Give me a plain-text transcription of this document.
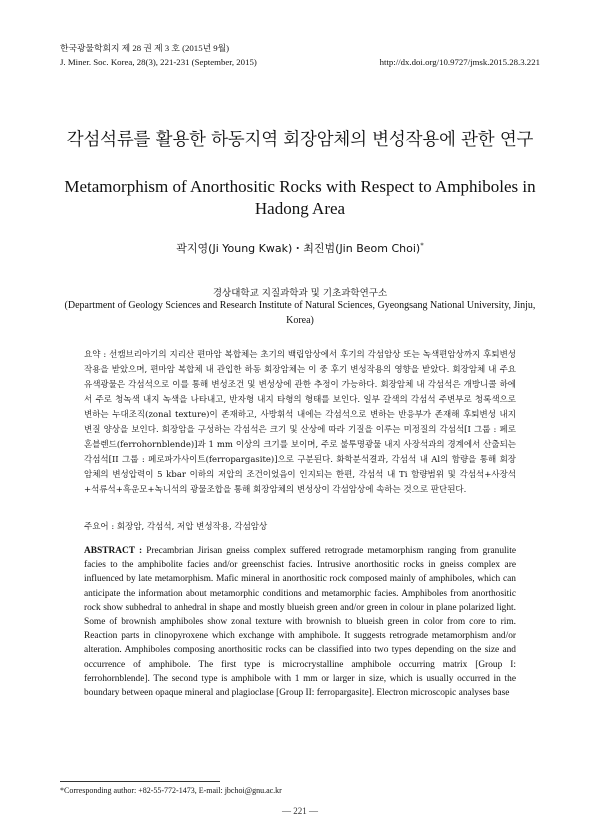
한국광물학회지 제 28 권 제 3 호 (2015년 9월)
J. Miner. Soc. Korea, 28(3), 221-231 (September, 2015)	http://dx.doi.org/10.9727/jmsk.2015.28.3.221
각섬석류를 활용한 하동지역 회장암체의 변성작용에 관한 연구
Metamorphism of Anorthositic Rocks with Respect to Amphiboles in Hadong Area
곽지영(Ji Young Kwak)・최진범(Jin Beom Choi)*
경상대학교 지질과학과 및 기초과학연구소
(Department of Geology Sciences and Research Institute of Natural Sciences, Gyeongsang National University, Jinju, Korea)

요약 : 선캠브리아기의 지리산 편마암 복합체는 초기의 백립암상에서 후기의 각섬암상 또는 녹색편암상까지 후퇴변성작용을 받았으며, 편마암 복합체 내 관입한 하동 회장암체는 이 중 후기 변성작용의 영향을 받았다. 회장암체 내 주요 유색광물은 각섬석으로 이를 통해 변성조건 및 변성상에 관한 추정이 가능하다. 회장암체 내 각섬석은 개방니콜 하에서 주로 청녹색 내지 녹색을 나타내고, 반자형 내지 타형의 형태를 보인다. 일부 갈색의 각섬석 주변부로 청록색으로 변하는 누대조직(zonal texture)이 존재하고, 사방휘석 내에는 각섬석으로 변하는 반응부가 존재해 후퇴변성 내지 변질 양상을 보인다. 회장암을 구성하는 각섬석은 크기 및 산상에 따라 기질을 이루는 미정질의 각섬석[I 그룹 : 페로혼블렌드(ferrohornblende)]과 1 mm 이상의 크기를 보이며, 주로 불투명광물 내지 사장석과의 경계에서 산출되는 각섬석[II 그룹 : 페로파가사이트(ferropargasite)]으로 구분된다. 화학분석결과, 각섬석 내 Al의 함량을 통해 회장암체의 변성압력이 5 kbar 이하의 저압의 조건이었음이 인지되는 한편, 각섬석 내 Ti 함량범위 및 각섬석+사장석+석류석+흑운모+녹니석의 광물조합을 통해 회장암체의 변성상이 각섬암상에 속하는 것으로 판단된다.

주요어 : 회장암, 각섬석, 저압 변성작용, 각섬암상

ABSTRACT : Precambrian Jirisan gneiss complex suffered retrograde metamorphism ranging from granulite facies to the amphibolite facies and/or greenschist facies. Intrusive anorthositic rocks in gneiss complex are influenced by late metamorphism. Mafic mineral in anorthositic rock composed mainly of amphiboles, which can anticipate the information about metamorphic conditions and metamorphic facies. Amphiboles from anorthositic rock show subhedral to anhedral in shape and mostly blueish green and/or green in colour in plane polarized light. Some of brownish amphiboles show zonal texture with brownish to blueish green in color from core to rim. Reaction parts in clinopyroxene which exchange with amphibole. It suggests retrograde metamorphism and/or alteration. Amphiboles composing anorthositic rocks can be classified into two types depending on the size and occurrence of amphibole. The first type is microcrystalline amphibole occurring matrix [Group I: ferrohornblende]. The second type is amphibole with 1 mm or larger in size, which is usually occurred in the boundary between opaque mineral and plagioclase [Group II: ferropargasite]. Electron microscopic analyses base

*Corresponding author: +82-55-772-1473, E-mail: jbchoi@gnu.ac.kr
― 221 ―
